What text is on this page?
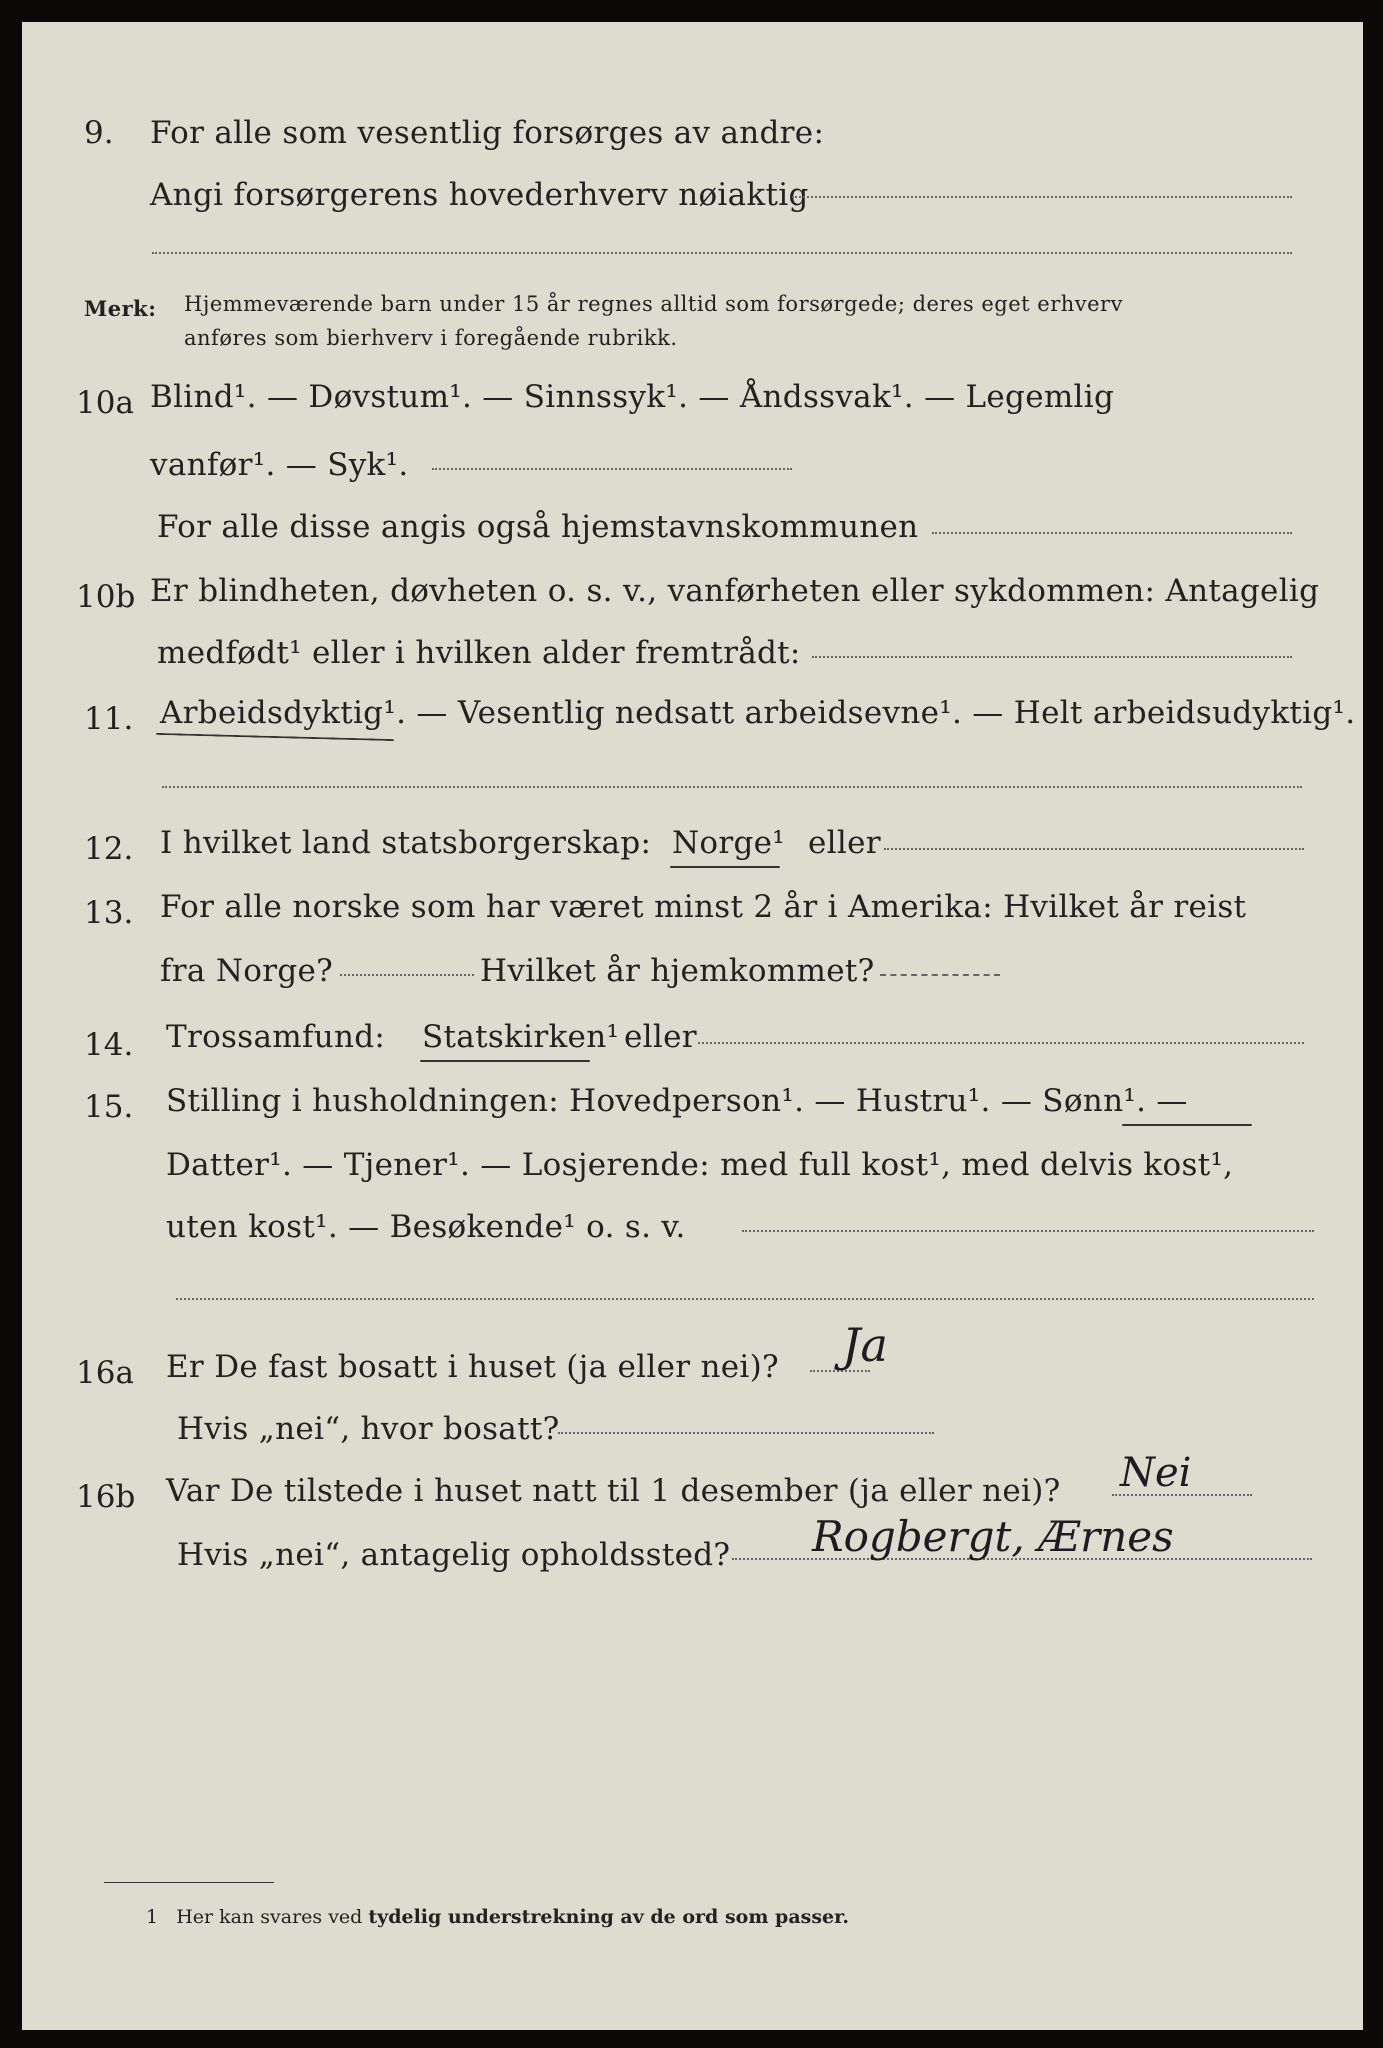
9. For alle som vesentlig forsørges av andre:
Angi forsørgerens hovederhverv nøiaktig
Merk: Hjemmeværende barn under 15 år regnes alltid som forsørgede; deres eget erhverv
anføres som bierhverv i foregående rubrikk.
10a Blind¹. — Døvstum¹. — Sinnssyk¹. — Åndssvak¹. — Legemlig
vanfør¹. — Syk¹.
For alle disse angis også hjemstavnskommunen
10b Er blindheten, døvheten o. s. v., vanførheten eller sykdommen: Antagelig
medfødt¹ eller i hvilken alder fremtrådt:
11. Arbeidsdyktig¹. — Vesentlig nedsatt arbeidsevne¹. — Helt arbeidsudyktig¹.
12. I hvilket land statsborgerskap: Norge¹ eller
13. For alle norske som har været minst 2 år i Amerika: Hvilket år reist
fra Norge?	Hvilket år hjemkommet?
14. Trossamfund: Statskirken¹ eller
15. Stilling i husholdningen: Hovedperson¹. — Hustru¹. — Sønn¹. —
Datter¹. — Tjener¹. — Losjerende: med full kost¹, med delvis kost¹,
uten kost¹. — Besøkende¹ o. s. v.
16a Er De fast bosatt i huset (ja eller nei)? Ja
Hvis „nei“, hvor bosatt?
16b Var De tilstede i huset natt til 1 desember (ja eller nei)? Nei
Hvis „nei“, antagelig opholdssted? Rogbergt, Ærnes
1 Her kan svares ved tydelig understrekning av de ord som passer.
